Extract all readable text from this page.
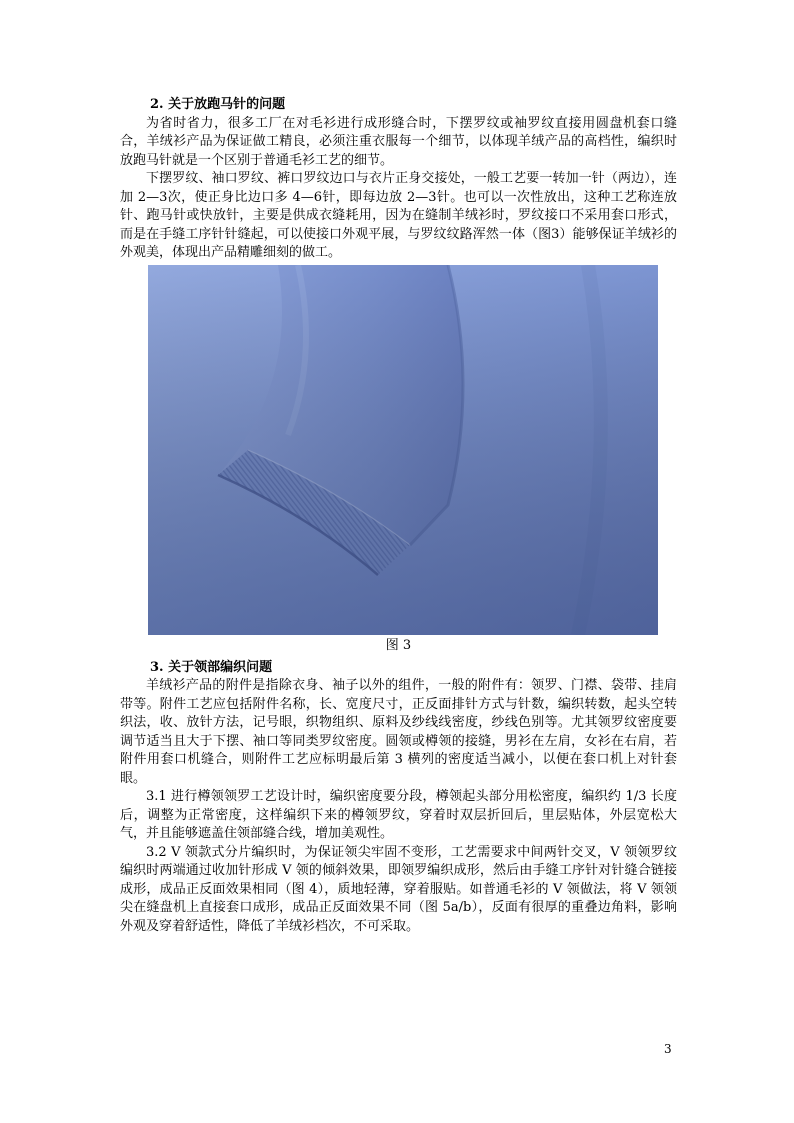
2. 关于放跑马针的问题

为省时省力，很多工厂在对毛衫进行成形缝合时，下摆罗纹或袖罗纹直接用圆盘机套口缝合，羊绒衫产品为保证做工精良，必须注重衣服每一个细节，以体现羊绒产品的高档性，编织时放跑马针就是一个区别于普通毛衫工艺的细节。

下摆罗纹、袖口罗纹、裤口罗纹边口与衣片正身交接处，一般工艺要一转加一针（两边），连加 2—3次，使正身比边口多 4—6针，即每边放 2—3针。也可以一次性放出，这种工艺称连放针、跑马针或快放针，主要是供成衣缝耗用，因为在缝制羊绒衫时，罗纹接口不采用套口形式，而是在手缝工序针针缝起，可以使接口外观平展，与罗纹纹路浑然一体（图3）能够保证羊绒衫的外观美，体现出产品精雕细刻的做工。

图 3
3. 关于领部编织问题

羊绒衫产品的附件是指除衣身、袖子以外的组件，一般的附件有：领罗、门襟、袋带、挂肩带等。附件工艺应包括附件名称，长、宽度尺寸，正反面排针方式与针数，编织转数，起头空转织法，收、放针方法，记号眼，织物组织、原料及纱线线密度，纱线色别等。尤其领罗纹密度要调节适当且大于下摆、袖口等同类罗纹密度。圆领或樽领的接缝，男衫在左肩，女衫在右肩，若附件用套口机缝合，则附件工艺应标明最后第 3 横列的密度适当减小，以便在套口机上对针套眼。

3.1 进行樽领领罗工艺设计时，编织密度要分段，樽领起头部分用松密度，编织约 1/3 长度后，调整为正常密度，这样编织下来的樽领罗纹，穿着时双层折回后，里层贴体，外层宽松大气，并且能够遮盖住领部缝合线，增加美观性。

3.2 V 领款式分片编织时，为保证领尖牢固不变形，工艺需要求中间两针交叉，V 领领罗纹编织时两端通过收加针形成 V 领的倾斜效果，即领罗编织成形，然后由手缝工序针对针缝合链接成形，成品正反面效果相同（图 4），质地轻薄，穿着服贴。如普通毛衫的 V 领做法，将 V 领领尖在缝盘机上直接套口成形，成品正反面效果不同（图 5a/b），反面有很厚的重叠边角料，影响外观及穿着舒适性，降低了羊绒衫档次，不可采取。

3
